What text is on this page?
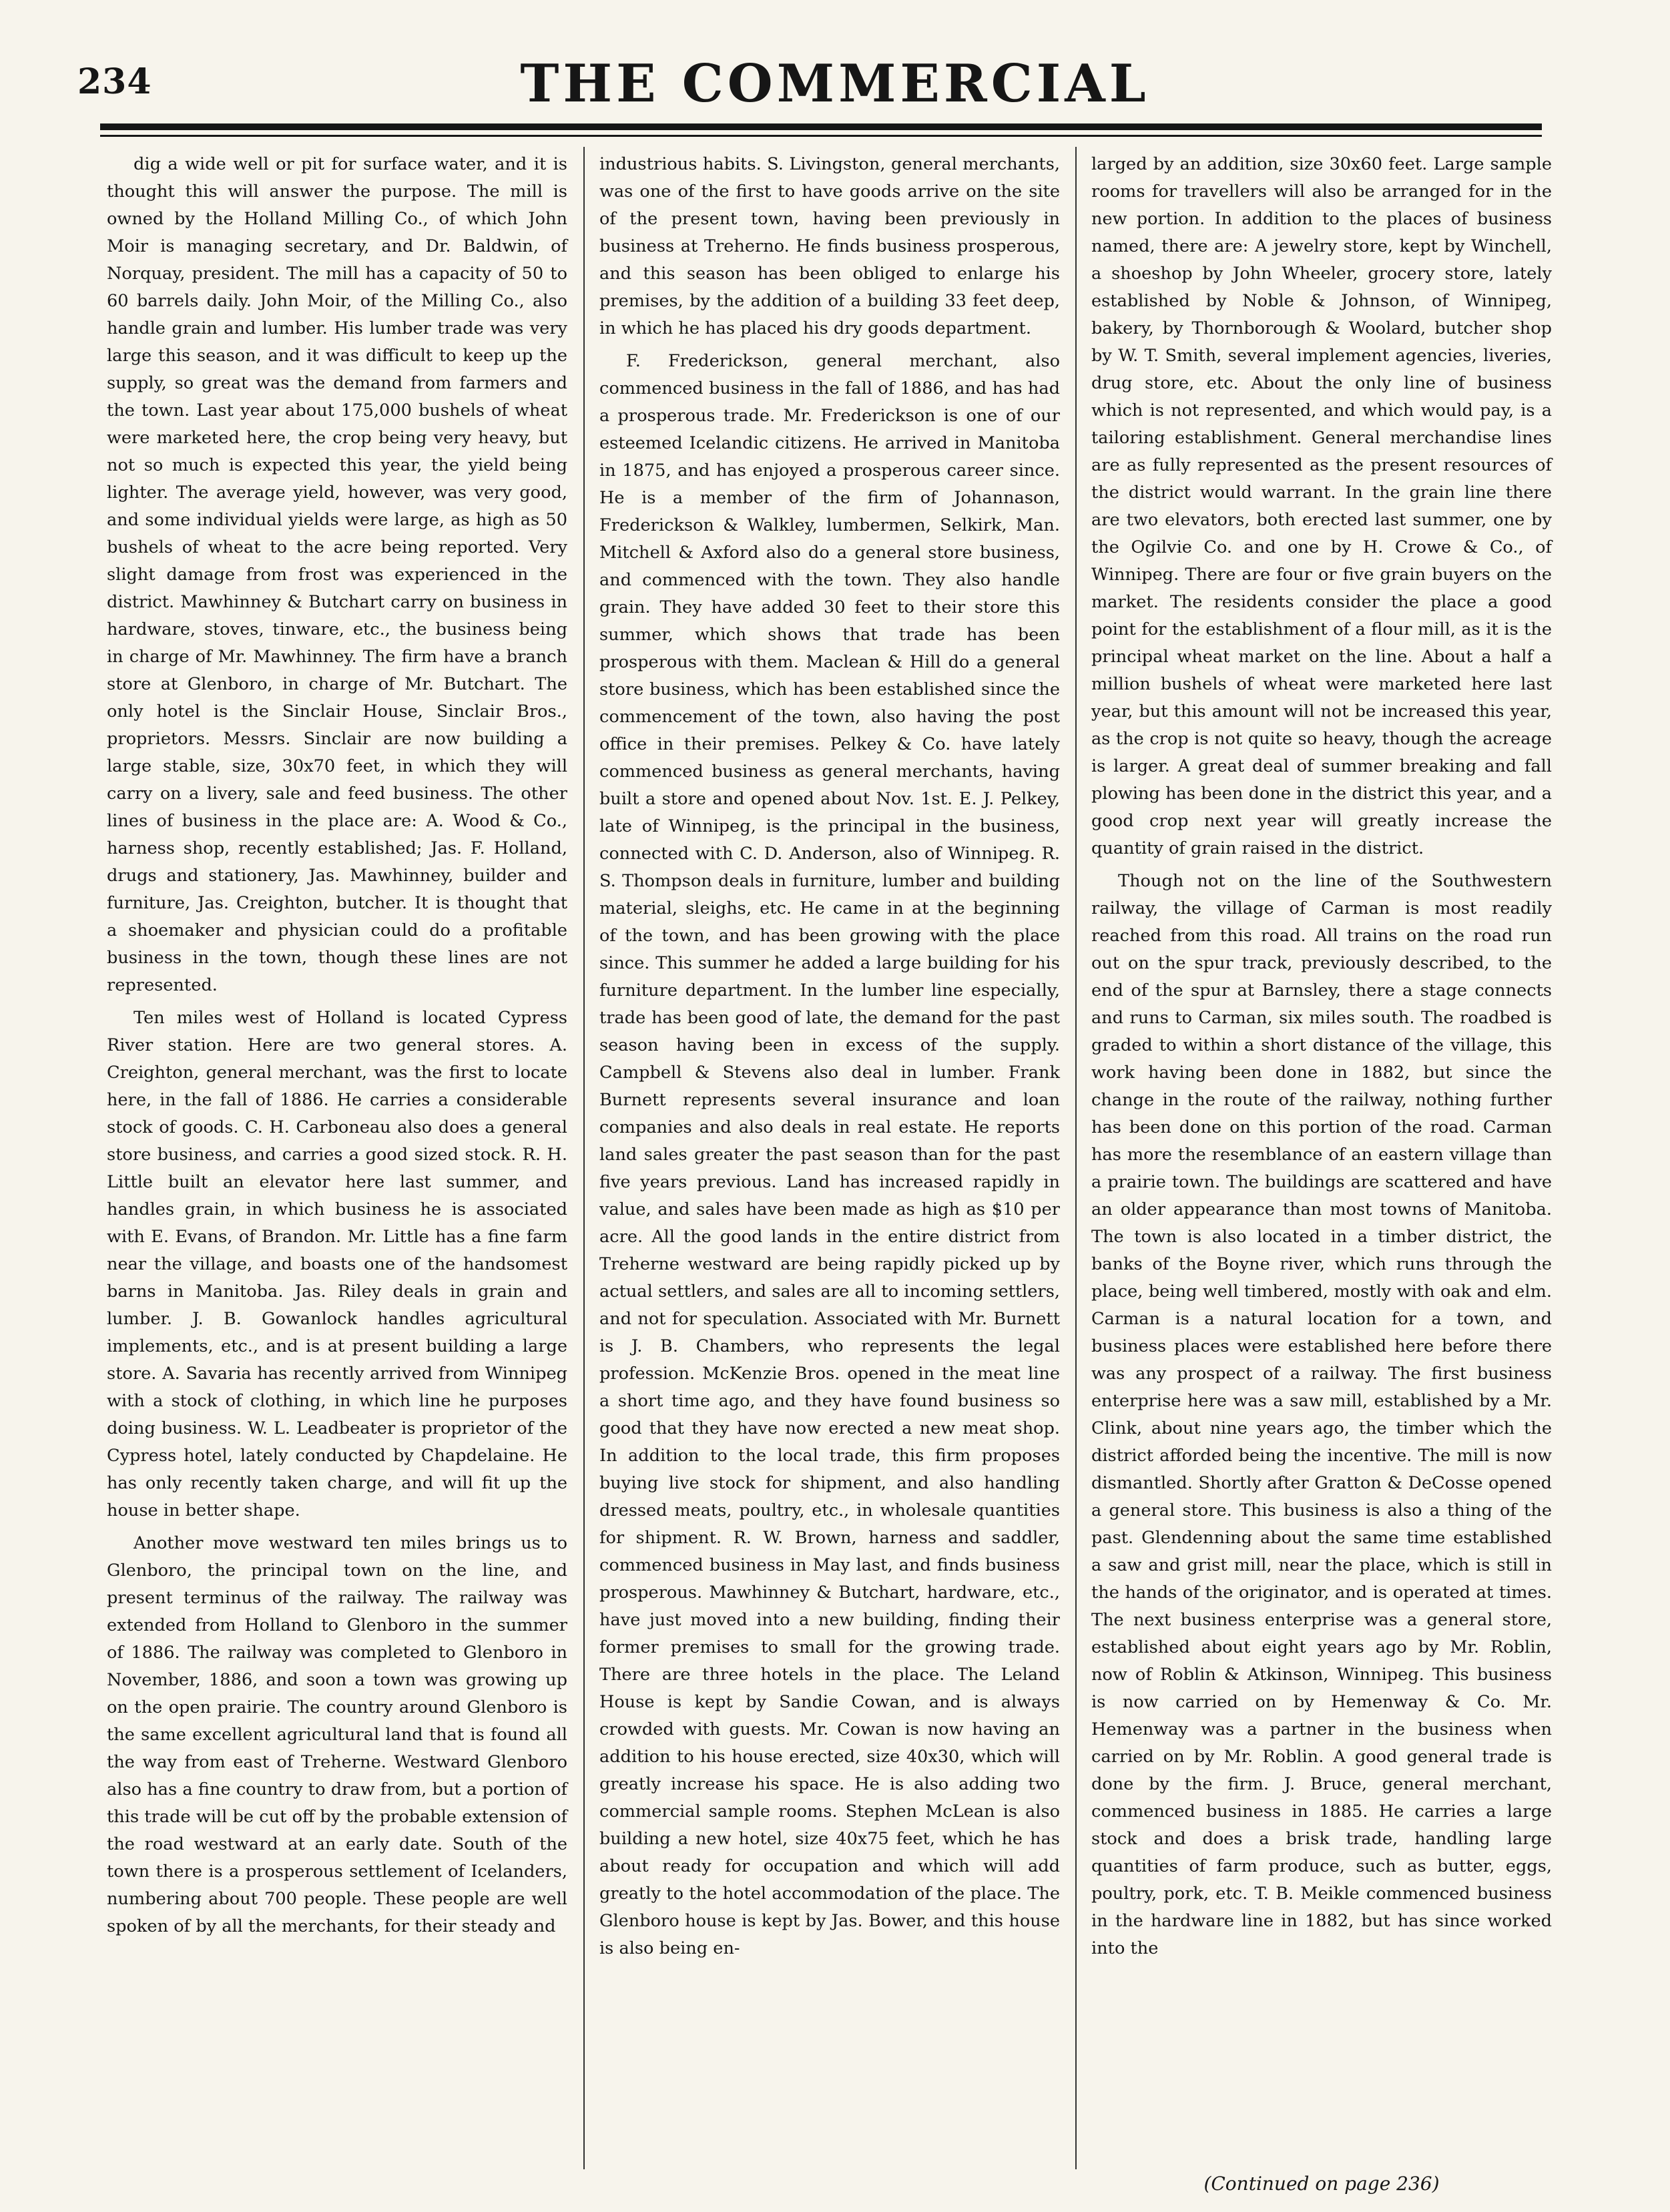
234	THE COMMERCIAL

dig a wide well or pit for surface water, and it is thought this will answer the purpose. The mill is owned by the Holland Milling Co., of which John Moir is managing secretary, and Dr. Baldwin, of Norquay, president. The mill has a capacity of 50 to 60 barrels daily. John Moir, of the Milling Co., also handle grain and lumber. His lumber trade was very large this season, and it was difficult to keep up the supply, so great was the demand from farmers and the town. Last year about 175,000 bushels of wheat were marketed here, the crop being very heavy, but not so much is expected this year, the yield being lighter. The average yield, however, was very good, and some individual yields were large, as high as 50 bushels of wheat to the acre being reported. Very slight damage from frost was experienced in the district. Mawhinney & Butchart carry on business in hardware, stoves, tinware, etc., the business being in charge of Mr. Mawhinney. The firm have a branch store at Glenboro, in charge of Mr. Butchart. The only hotel is the Sinclair House, Sinclair Bros., proprietors. Messrs. Sinclair are now building a large stable, size, 30x70 feet, in which they will carry on a livery, sale and feed business. The other lines of business in the place are: A. Wood & Co., harness shop, recently established; Jas. F. Holland, drugs and stationery, Jas. Mawhinney, builder and furniture, Jas. Creighton, butcher. It is thought that a shoemaker and physician could do a profitable business in the town, though these lines are not represented.

Ten miles west of Holland is located Cypress River station. Here are two general stores. A. Creighton, general merchant, was the first to locate here, in the fall of 1886. He carries a considerable stock of goods. C. H. Carboneau also does a general store business, and carries a good sized stock. R. H. Little built an elevator here last summer, and handles grain, in which business he is associated with E. Evans, of Brandon. Mr. Little has a fine farm near the village, and boasts one of the handsomest barns in Manitoba. Jas. Riley deals in grain and lumber. J. B. Gowanlock handles agricultural implements, etc., and is at present building a large store. A. Savaria has recently arrived from Winnipeg with a stock of clothing, in which line he purposes doing business. W. L. Leadbeater is proprietor of the Cypress hotel, lately conducted by Chapdelaine. He has only recently taken charge, and will fit up the house in better shape.

Another move westward ten miles brings us to Glenboro, the principal town on the line, and present terminus of the railway. The railway was extended from Holland to Glenboro in the summer of 1886. The railway was completed to Glenboro in November, 1886, and soon a town was growing up on the open prairie. The country around Glenboro is the same excellent agricultural land that is found all the way from east of Treherne. Westward Glenboro also has a fine country to draw from, but a portion of this trade will be cut off by the probable extension of the road westward at an early date. South of the town there is a prosperous settlement of Icelanders, numbering about 700 people. These people are well spoken of by all the merchants, for their steady and

industrious habits. S. Livingston, general merchants, was one of the first to have goods arrive on the site of the present town, having been previously in business at Treherno. He finds business prosperous, and this season has been obliged to enlarge his premises, by the addition of a building 33 feet deep, in which he has placed his dry goods department.

F. Frederickson, general merchant, also commenced business in the fall of 1886, and has had a prosperous trade. Mr. Frederickson is one of our esteemed Icelandic citizens. He arrived in Manitoba in 1875, and has enjoyed a prosperous career since. He is a member of the firm of Johannason, Frederickson & Walkley, lumbermen, Selkirk, Man. Mitchell & Axford also do a general store business, and commenced with the town. They also handle grain. They have added 30 feet to their store this summer, which shows that trade has been prosperous with them. Maclean & Hill do a general store business, which has been established since the commencement of the town, also having the post office in their premises. Pelkey & Co. have lately commenced business as general merchants, having built a store and opened about Nov. 1st. E. J. Pelkey, late of Winnipeg, is the principal in the business, connected with C. D. Anderson, also of Winnipeg. R. S. Thompson deals in furniture, lumber and building material, sleighs, etc. He came in at the beginning of the town, and has been growing with the place since. This summer he added a large building for his furniture department. In the lumber line especially, trade has been good of late, the demand for the past season having been in excess of the supply. Campbell & Stevens also deal in lumber. Frank Burnett represents several insurance and loan companies and also deals in real estate. He reports land sales greater the past season than for the past five years previous. Land has increased rapidly in value, and sales have been made as high as $10 per acre. All the good lands in the entire district from Treherne westward are being rapidly picked up by actual settlers, and sales are all to incoming settlers, and not for speculation. Associated with Mr. Burnett is J. B. Chambers, who represents the legal profession. McKenzie Bros. opened in the meat line a short time ago, and they have found business so good that they have now erected a new meat shop. In addition to the local trade, this firm proposes buying live stock for shipment, and also handling dressed meats, poultry, etc., in wholesale quantities for shipment. R. W. Brown, harness and saddler, commenced business in May last, and finds business prosperous. Mawhinney & Butchart, hardware, etc., have just moved into a new building, finding their former premises to small for the growing trade. There are three hotels in the place. The Leland House is kept by Sandie Cowan, and is always crowded with guests. Mr. Cowan is now having an addition to his house erected, size 40x30, which will greatly increase his space. He is also adding two commercial sample rooms. Stephen McLean is also building a new hotel, size 40x75 feet, which he has about ready for occupation and which will add greatly to the hotel accommodation of the place. The Glenboro house is kept by Jas. Bower, and this house is also being en-

larged by an addition, size 30x60 feet. Large sample rooms for travellers will also be arranged for in the new portion. In addition to the places of business named, there are: A jewelry store, kept by Winchell, a shoeshop by John Wheeler, grocery store, lately established by Noble & Johnson, of Winnipeg, bakery, by Thornborough & Woolard, butcher shop by W. T. Smith, several implement agencies, liveries, drug store, etc. About the only line of business which is not represented, and which would pay, is a tailoring establishment. General merchandise lines are as fully represented as the present resources of the district would warrant. In the grain line there are two elevators, both erected last summer, one by the Ogilvie Co. and one by H. Crowe & Co., of Winnipeg. There are four or five grain buyers on the market. The residents consider the place a good point for the establishment of a flour mill, as it is the principal wheat market on the line. About a half a million bushels of wheat were marketed here last year, but this amount will not be increased this year, as the crop is not quite so heavy, though the acreage is larger. A great deal of summer breaking and fall plowing has been done in the district this year, and a good crop next year will greatly increase the quantity of grain raised in the district.

Though not on the line of the Southwestern railway, the village of Carman is most readily reached from this road. All trains on the road run out on the spur track, previously described, to the end of the spur at Barnsley, there a stage connects and runs to Carman, six miles south. The roadbed is graded to within a short distance of the village, this work having been done in 1882, but since the change in the route of the railway, nothing further has been done on this portion of the road. Carman has more the resemblance of an eastern village than a prairie town. The buildings are scattered and have an older appearance than most towns of Manitoba. The town is also located in a timber district, the banks of the Boyne river, which runs through the place, being well timbered, mostly with oak and elm. Carman is a natural location for a town, and business places were established here before there was any prospect of a railway. The first business enterprise here was a saw mill, established by a Mr. Clink, about nine years ago, the timber which the district afforded being the incentive. The mill is now dismantled. Shortly after Gratton & DeCosse opened a general store. This business is also a thing of the past. Glendenning about the same time established a saw and grist mill, near the place, which is still in the hands of the originator, and is operated at times. The next business enterprise was a general store, established about eight years ago by Mr. Roblin, now of Roblin & Atkinson, Winnipeg. This business is now carried on by Hemenway & Co. Mr. Hemenway was a partner in the business when carried on by Mr. Roblin. A good general trade is done by the firm. J. Bruce, general merchant, commenced business in 1885. He carries a large stock and does a brisk trade, handling large quantities of farm produce, such as butter, eggs, poultry, pork, etc. T. B. Meikle commenced business in the hardware line in 1882, but has since worked into the

(Continued on page 236)
